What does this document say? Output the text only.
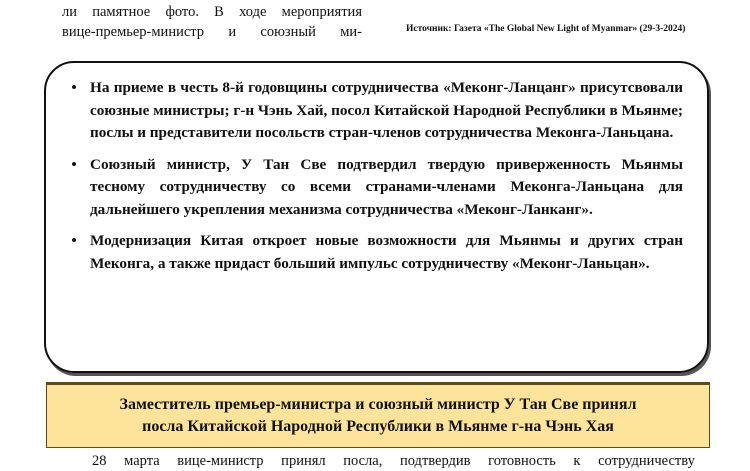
ли памятное фото. В ходе мероприятия
вице-премьер-министр и союзный ми-	Источник: Газета «The Global New Light of Myanmar» (29-3-2024)
• На приеме в честь 8-й годовщины сотрудничества «Меконг-Ланцанг» присутсвовали союзные министры; г-н Чэнь Хай, посол Китайской Народной Республики в Мьянме; послы и представители посольств стран-членов сотрудничества Меконга-Ланьцана.
• Союзный министр, У Тан Све подтвердил твердую приверженность Мьянмы тесному сотрудничеству со всеми странами-членами Меконга-Ланьцана для дальнейшего укрепления механизма сотрудничества «Меконг-Ланканг».
• Модернизация Китая откроет новые возможности для Мьянмы и других стран Меконга, а также придаст больший импульс сотрудничеству «Меконг-Ланьцан».
Заместитель премьер-министра и союзный министр У Тан Све принял
посла Китайской Народной Республики в Мьянме г-на Чэнь Хая
28 марта вице-министр принял посла, подтвердив готовность к сотрудничеству
